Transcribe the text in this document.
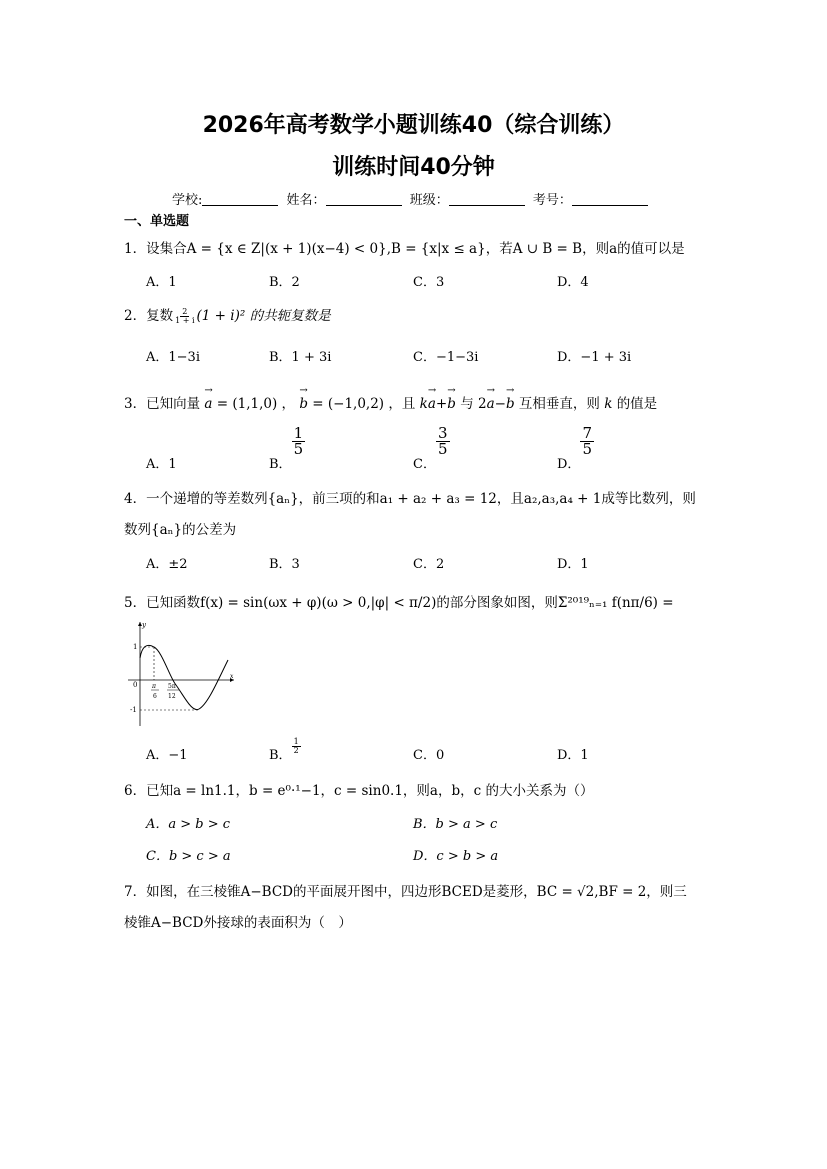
2026年高考数学小题训练40（综合训练）
训练时间40分钟
学校:	姓名：	班级：	考号：
一、单选题
1．设集合A = {x ∈ Z|(x + 1)(x−4) < 0},B = {x|x ≤ a}，若A ∪ B = B，则a的值可以是
A．1	B．2	C．3	D．4
2．复数 $\frac{2}{1 + i} (1 + i)^2$ 的共轭复数是
A．1−3i	B．1 + 3i	C．−1−3i	D．−1 + 3i
3．已知向量 → a = (1,1,0) ， → b = (−1,0,2) ，且 k→ a+→ b 与 2→ a−→ b 互相垂直，则 k 的值是
A．1	B．
$\frac{1}{5}$
C．
$\frac{3}{5}$
D．
$\frac{7}{5}$
4．一个递增的等差数列{aₙ}，前三项的和a₁ + a₂ + a₃ = 12，且a₂,a₃,a₄ + 1成等比数列，则
数列{aₙ}的公差为
A．±2	B．3	C．2	D．1
5．已知函数f(x) = sin(ωx + φ)(ω > 0,|φ| < π/2)的部分图象如图，则Σ²⁰¹⁹ₙ₌₁ f(nπ/6) =
y
x
1
-1
0 π
6
5π
12
A．−1	B．
$\frac{1}{2}$
C．0	D．1
6．已知a = ln1.1，b = e⁰·¹−1，c = sin0.1，则a，b，c 的大小关系为（）
A．a > b > c	B．b > a > c
C．b > c > a	D．c > b > a
7．如图，在三棱锥A−BCD的平面展开图中，四边形BCED是菱形，BC = √2,BF = 2，则三
棱锥A−BCD外接球的表面积为（　）
